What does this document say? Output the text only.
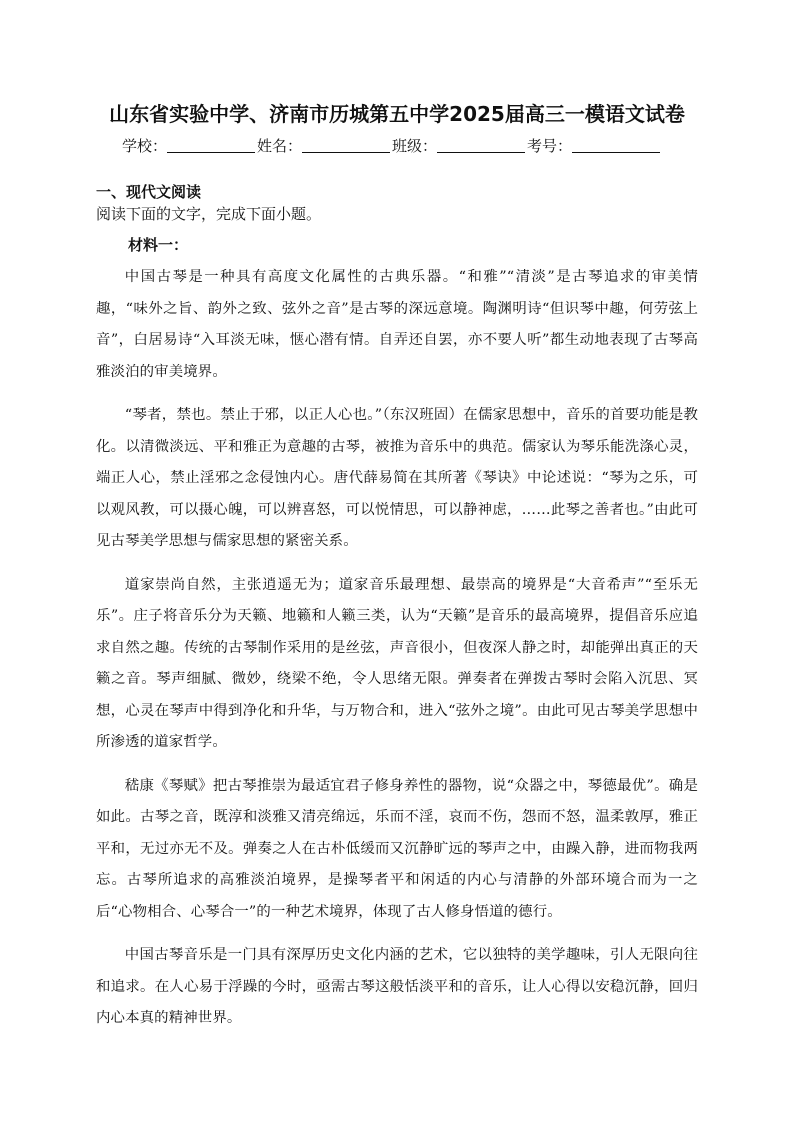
山东省实验中学、济南市历城第五中学2025届高三一模语文试卷
学校：	姓名：	班级：	考号：
一、现代文阅读
阅读下面的文字，完成下面小题。
材料一：

中国古琴是一种具有高度文化属性的古典乐器。“和雅”“清淡”是古琴追求的审美情趣，“味外之旨、韵外之致、弦外之音”是古琴的深远意境。陶渊明诗“但识琴中趣，何劳弦上音”，白居易诗“入耳淡无味，惬心潜有情。自弄还自罢，亦不要人听”都生动地表现了古琴高雅淡泊的审美境界。

“琴者，禁也。禁止于邪，以正人心也。”（东汉班固）在儒家思想中，音乐的首要功能是教化。以清微淡远、平和雅正为意趣的古琴，被推为音乐中的典范。儒家认为琴乐能洗涤心灵，端正人心，禁止淫邪之念侵蚀内心。唐代薛易简在其所著《琴诀》中论述说：“琴为之乐，可以观风教，可以摄心魄，可以辨喜怒，可以悦情思，可以静神虑，……此琴之善者也。”由此可见古琴美学思想与儒家思想的紧密关系。

道家崇尚自然，主张逍遥无为；道家音乐最理想、最崇高的境界是“大音希声”“至乐无乐”。庄子将音乐分为天籁、地籁和人籁三类，认为“天籁”是音乐的最高境界，提倡音乐应追求自然之趣。传统的古琴制作采用的是丝弦，声音很小，但夜深人静之时，却能弹出真正的天籁之音。琴声细腻、微妙，绕梁不绝，令人思绪无限。弹奏者在弹拨古琴时会陷入沉思、冥想，心灵在琴声中得到净化和升华，与万物合和，进入“弦外之境”。由此可见古琴美学思想中所渗透的道家哲学。

嵇康《琴赋》把古琴推崇为最适宜君子修身养性的器物，说“众器之中，琴德最优”。确是如此。古琴之音，既淳和淡雅又清亮绵远，乐而不淫，哀而不伤，怨而不怒，温柔敦厚，雅正平和，无过亦无不及。弹奏之人在古朴低缓而又沉静旷远的琴声之中，由躁入静，进而物我两忘。古琴所追求的高雅淡泊境界，是操琴者平和闲适的内心与清静的外部环境合而为一之后“心物相合、心琴合一”的一种艺术境界，体现了古人修身悟道的德行。

中国古琴音乐是一门具有深厚历史文化内涵的艺术，它以独特的美学趣味，引人无限向往和追求。在人心易于浮躁的今时，亟需古琴这般恬淡平和的音乐，让人心得以安稳沉静，回归内心本真的精神世界。
